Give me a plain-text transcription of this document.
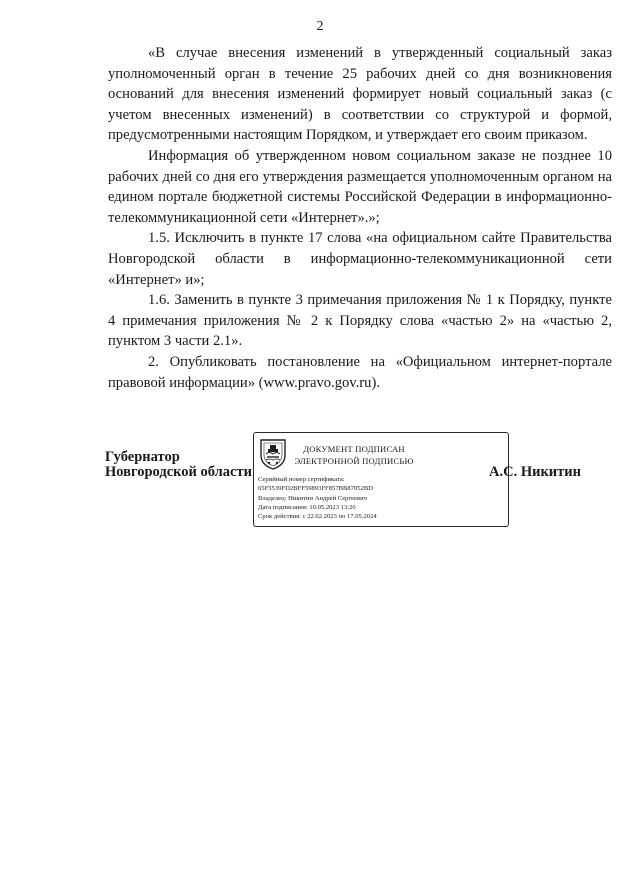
2

«В случае внесения изменений в утвержденный социальный заказ уполномоченный орган в течение 25 рабочих дней со дня возникновения оснований для внесения изменений формирует новый социальный заказ (с учетом внесенных изменений) в соответствии со структурой и формой, предусмотренными настоящим Порядком, и утверждает его своим приказом.

Информация об утвержденном новом социальном заказе не позднее 10 рабочих дней со дня его утверждения размещается уполномоченным органом на едином портале бюджетной системы Российской Федерации в информационно-телекоммуникационной сети «Интернет».»;

1.5. Исключить в пункте 17 слова «на официальном сайте Правительства Новгородской области в информационно-телекоммуникационной сети «Интернет» и»;

1.6. Заменить в пункте 3 примечания приложения № 1 к Порядку, пункте 4 примечания приложения № 2 к Порядку слова «частью 2» на «частью 2, пунктом 3 части 2.1».

2. Опубликовать постановление на «Официальном интернет-портале правовой информации» (www.pravo.gov.ru).

Губернатор
Новгородской области
ДОКУМЕНТ ПОДПИСАН
ЭЛЕКТРОННОЙ ПОДПИСЬЮ
Серийный номер сертификата:
65F5539FD2BFF59893FF857BB87052BD
Владелец: Никитин Андрей Сергеевич
Дата подписания: 10.05.2023 13:26
Срок действия: с 22.02.2023 по 17.05.2024
А.С. Никитин
